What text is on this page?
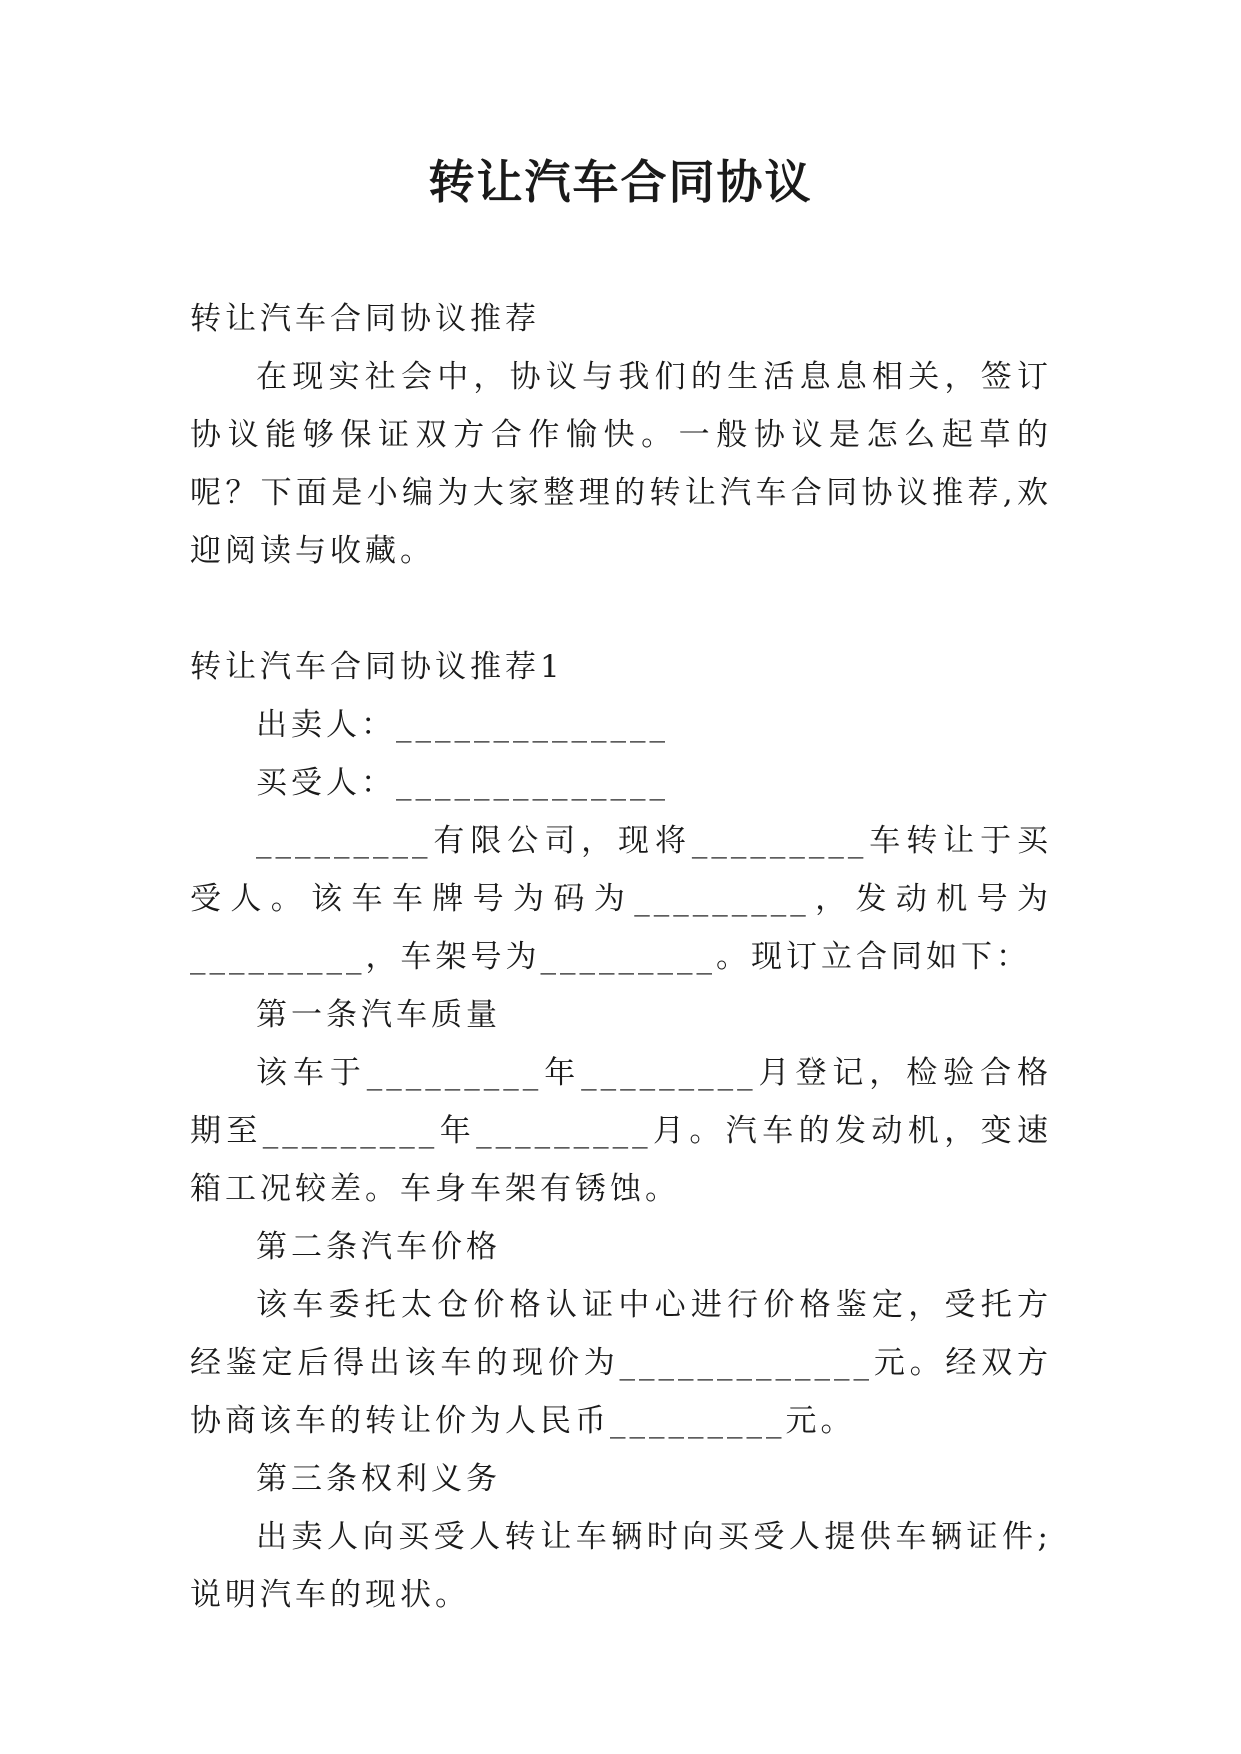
转让汽车合同协议

转让汽车合同协议推荐

在现实社会中，协议与我们的生活息息相关，签订协议能够保证双方合作愉快。一般协议是怎么起草的呢？下面是小编为大家整理的转让汽车合同协议推荐,欢迎阅读与收藏。

转让汽车合同协议推荐1

出卖人：______________

买受人：______________

_________有限公司，现将_________车转让于买受人。该车车牌号为码为_________，发动机号为_________，车架号为_________。现订立合同如下：

第一条汽车质量

该车于_________年_________月登记，检验合格期至_________年_________月。汽车的发动机，变速箱工况较差。车身车架有锈蚀。

第二条汽车价格

该车委托太仓价格认证中心进行价格鉴定，受托方经鉴定后得出该车的现价为_____________元。经双方协商该车的转让价为人民币_________元。

第三条权利义务

出卖人向买受人转让车辆时向买受人提供车辆证件;说明汽车的现状。
